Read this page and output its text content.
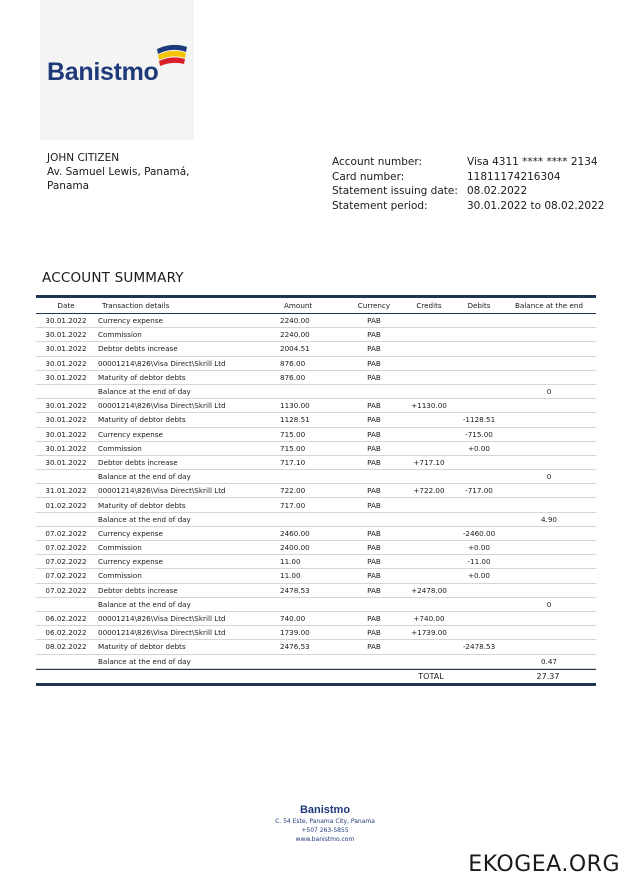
Banistmo
JOHN CITIZEN
Av. Samuel Lewis, Panamá,
Panama
Account number:	Visa 4311 **** **** 2134
Card number:	11811174216304
Statement issuing date: 08.02.2022
Statement period:	30.01.2022 to 08.02.2022
ACCOUNT SUMMARY
Date	Transaction details	Amount	Currency	Credits	Debits	Balance at the end
30.01.2022	Currency expense	2240.00	PAB			
30.01.2022	Commission	2240.00	PAB			
30.01.2022	Debtor debts increase	2004.51	PAB			
30.01.2022	00001214\826\Visa Direct\Skrill Ltd	876.00	PAB			
30.01.2022	Maturity of debtor debts	876.00	PAB			
	Balance at the end of day					0
30.01.2022	00001214\826\Visa Direct\Skrill Ltd	1130.00	PAB	+1130.00		
30.01.2022	Maturity of debtor debts	1128.51	PAB		-1128.51	
30.01.2022	Currency expense	715.00	PAB		-715.00	
30.01.2022	Commission	715.00	PAB		+0.00	
30.01.2022	Debtor debts increase	717.10	PAB	+717.10		
	Balance at the end of day					0
31.01.2022	00001214\826\Visa Direct\Skrill Ltd	722.00	PAB	+722.00	-717.00	
01.02.2022	Maturity of debtor debts	717.00	PAB			
	Balance at the end of day					4.90
07.02.2022	Currency expense	2460.00	PAB		-2460.00	
07.02.2022	Commission	2400.00	PAB		+0.00	
07.02.2022	Currency expense	11.00	PAB		-11.00	
07.02.2022	Commission	11.00	PAB		+0.00	
07.02.2022	Debtor debts increase	2478.53	PAB	+2478.00		
	Balance at the end of day					0
06.02.2022	00001214\826\Visa Direct\Skrill Ltd	740.00	PAB	+740.00		
06.02.2022	00001214\826\Visa Direct\Skrill Ltd	1739.00	PAB	+1739.00		
08.02.2022	Maturity of debtor debts	2476.53	PAB		-2478.53	
	Balance at the end of day					0.47
TOTAL	27.37
Banistmo
C. 54 Este, Panama City, Panama
+507 263-5855
www.banistmo.com
EKOGEA.ORG
